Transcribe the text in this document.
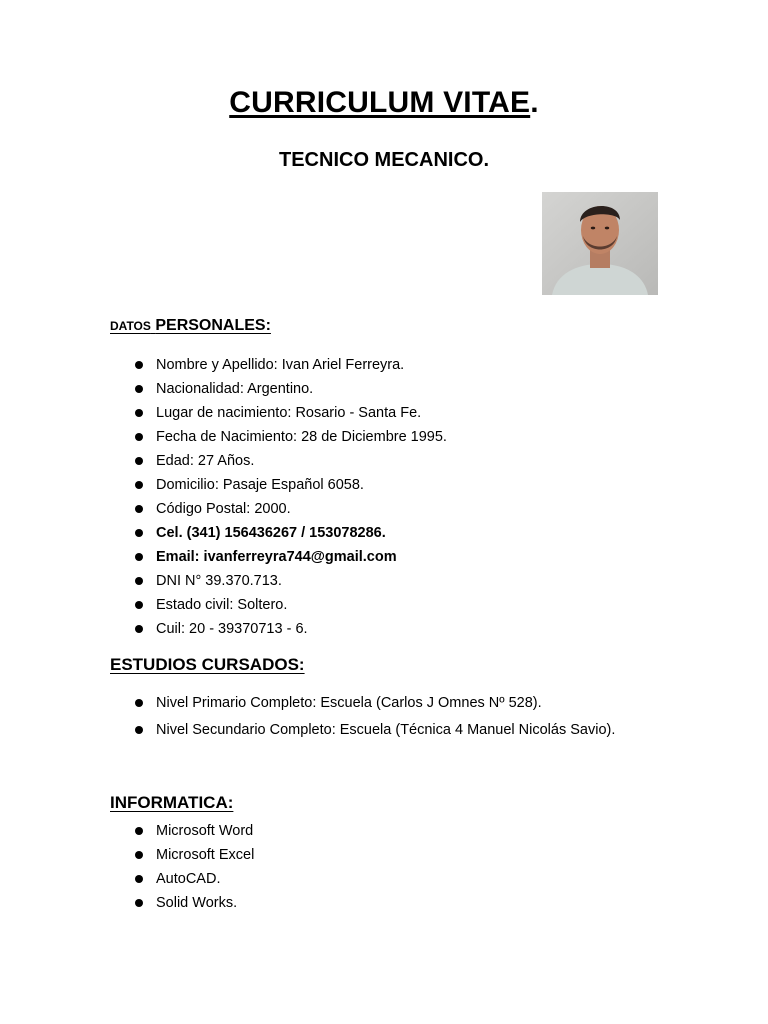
CURRICULUM VITAE.
TECNICO MECANICO.
DATOS PERSONALES:
Nombre y Apellido: Ivan Ariel Ferreyra.
Nacionalidad: Argentino.
Lugar de nacimiento: Rosario - Santa Fe.
Fecha de Nacimiento: 28 de Diciembre 1995.
Edad: 27 Años.
Domicilio: Pasaje Español 6058.
Código Postal: 2000.
Cel. (341) 156436267 / 153078286.
Email: ivanferreyra744@gmail.com
DNI N° 39.370.713.
Estado civil: Soltero.
Cuil: 20 - 39370713 - 6.
ESTUDIOS CURSADOS:
Nivel Primario Completo: Escuela (Carlos J Omnes Nº 528).
Nivel Secundario Completo: Escuela (Técnica 4 Manuel Nicolás Savio).
INFORMATICA:
Microsoft Word
Microsoft Excel
AutoCAD.
Solid Works.
